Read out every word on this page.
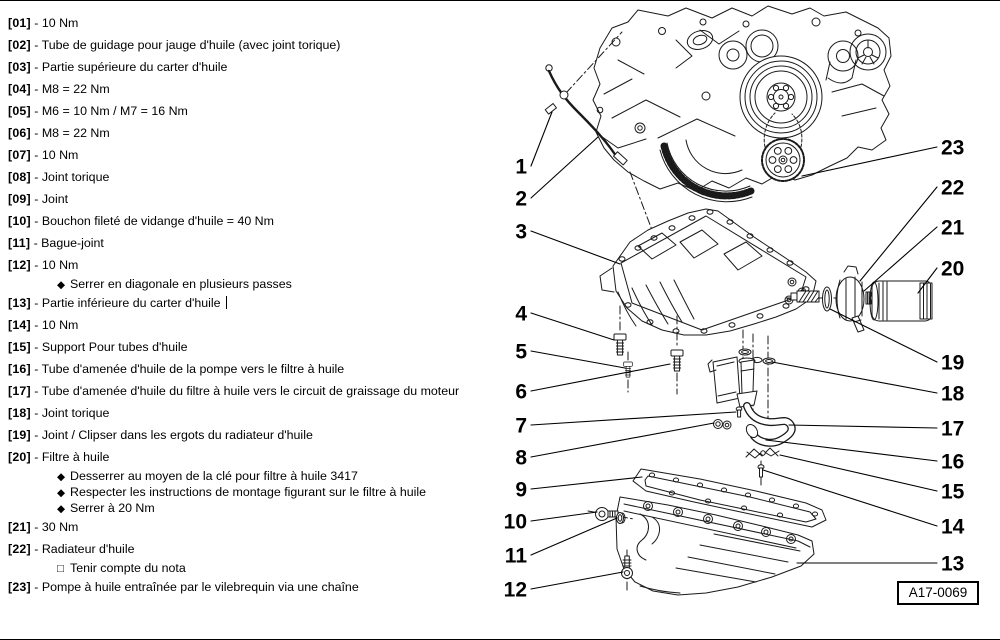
[01] - 10 Nm
[02] - Tube de guidage pour jauge d'huile (avec joint torique)
[03] - Partie supérieure du carter d'huile
[04] - M8 = 22 Nm
[05] - M6 = 10 Nm / M7 = 16 Nm
[06] - M8 = 22 Nm
[07] - 10 Nm
[08] - Joint torique
[09] - Joint
[10] - Bouchon fileté de vidange d'huile = 40 Nm
[11] - Bague-joint
[12] - 10 Nm
◆ Serrer en diagonale en plusieurs passes
[13] - Partie inférieure du carter d'huile
[14] - 10 Nm
[15] - Support Pour tubes d'huile
[16] - Tube d'amenée d'huile de la pompe vers le filtre à huile
[17] - Tube d'amenée d'huile du filtre à huile vers le circuit de graissage du moteur
[18] - Joint torique
[19] - Joint / Clipser dans les ergots du radiateur d'huile
[20] - Filtre à huile
◆ Desserrer au moyen de la clé pour filtre à huile 3417
◆ Respecter les instructions de montage figurant sur le filtre à huile
◆ Serrer à 20 Nm
[21] - 30 Nm
[22] - Radiateur d'huile
□ Tenir compte du nota
[23] - Pompe à huile entraînée par le vilebrequin via une chaîne
1
2
3
4
5
6
7
8
9
10
11
12
13
14
15
16
17
18
19
20
21
22
23
A17-0069
